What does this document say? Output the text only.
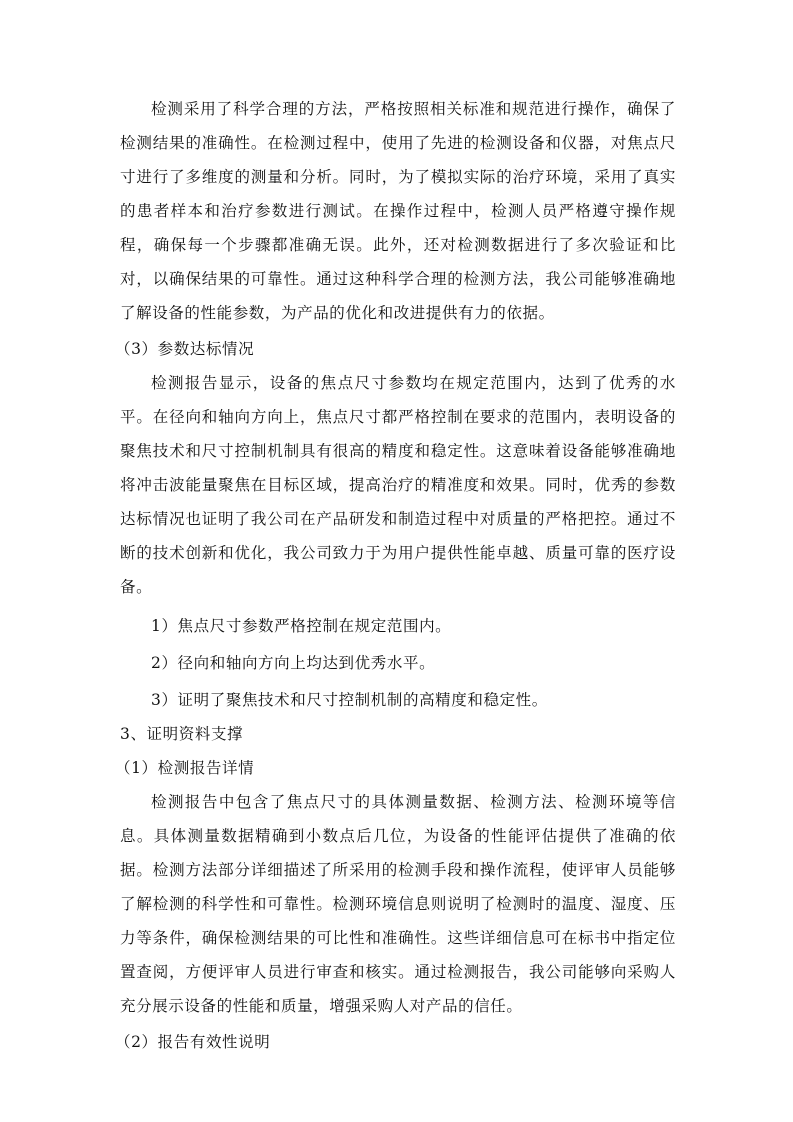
检测采用了科学合理的方法，严格按照相关标准和规范进行操作，确保了检测结果的准确性。在检测过程中，使用了先进的检测设备和仪器，对焦点尺寸进行了多维度的测量和分析。同时，为了模拟实际的治疗环境，采用了真实的患者样本和治疗参数进行测试。在操作过程中，检测人员严格遵守操作规程，确保每一个步骤都准确无误。此外，还对检测数据进行了多次验证和比对，以确保结果的可靠性。通过这种科学合理的检测方法，我公司能够准确地了解设备的性能参数，为产品的优化和改进提供有力的依据。

（3）参数达标情况

检测报告显示，设备的焦点尺寸参数均在规定范围内，达到了优秀的水平。在径向和轴向方向上，焦点尺寸都严格控制在要求的范围内，表明设备的聚焦技术和尺寸控制机制具有很高的精度和稳定性。这意味着设备能够准确地将冲击波能量聚焦在目标区域，提高治疗的精准度和效果。同时，优秀的参数达标情况也证明了我公司在产品研发和制造过程中对质量的严格把控。通过不断的技术创新和优化，我公司致力于为用户提供性能卓越、质量可靠的医疗设备。

1）焦点尺寸参数严格控制在规定范围内。

2）径向和轴向方向上均达到优秀水平。

3）证明了聚焦技术和尺寸控制机制的高精度和稳定性。

3、证明资料支撑

（1）检测报告详情

检测报告中包含了焦点尺寸的具体测量数据、检测方法、检测环境等信息。具体测量数据精确到小数点后几位，为设备的性能评估提供了准确的依据。检测方法部分详细描述了所采用的检测手段和操作流程，使评审人员能够了解检测的科学性和可靠性。检测环境信息则说明了检测时的温度、湿度、压力等条件，确保检测结果的可比性和准确性。这些详细信息可在标书中指定位置查阅，方便评审人员进行审查和核实。通过检测报告，我公司能够向采购人充分展示设备的性能和质量，增强采购人对产品的信任。

（2）报告有效性说明
